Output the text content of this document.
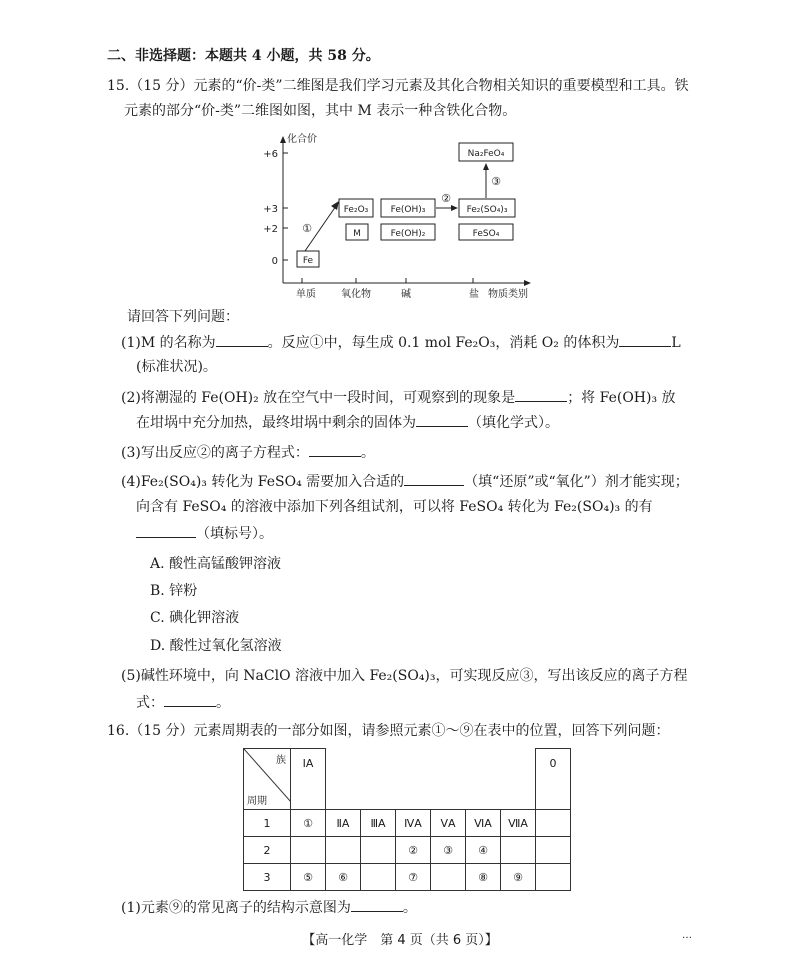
二、非选择题：本题共 4 小题，共 58 分。
15.（15 分）元素的“价-类”二维图是我们学习元素及其化合物相关知识的重要模型和工具。铁
元素的部分“价-类”二维图如图，其中 M 表示一种含铁化合物。
化合价
+6
+3
+2
0
单质	氧化物	碱	盐 物质类别
Na₂FeO₄
Fe₂O₃ Fe(OH)₃	Fe₂(SO₄)₃
M	Fe(OH)₂	FeSO₄
Fe
①
②
③
请回答下列问题：
(1)M 的名称为	。反应①中，每生成 0.1 mol Fe₂O₃，消耗 O₂ 的体积为	L
(标准状况)。
(2)将潮湿的 Fe(OH)₂ 放在空气中一段时间，可观察到的现象是	；将 Fe(OH)₃ 放
在坩埚中充分加热，最终坩埚中剩余的固体为	（填化学式）。
(3)写出反应②的离子方程式：	。
(4)Fe₂(SO₄)₃ 转化为 FeSO₄ 需要加入合适的	（填“还原”或“氧化”）剂才能实现；
向含有 FeSO₄ 的溶液中添加下列各组试剂，可以将 FeSO₄ 转化为 Fe₂(SO₄)₃ 的有
（填标号）。
A. 酸性高锰酸钾溶液
B. 锌粉
C. 碘化钾溶液
D. 酸性过氧化氢溶液
(5)碱性环境中，向 NaClO 溶液中加入 Fe₂(SO₄)₃，可实现反应③，写出该反应的离子方程
式：	。
16.（15 分）元素周期表的一部分如图，请参照元素①～⑨在表中的位置，回答下列问题：
族
周期	ⅠA							0
1	①	ⅡA	ⅢA	ⅣA	ⅤA	ⅥA	ⅦA	
2				②	③	④		
3	⑤	⑥		⑦		⑧	⑨	
(1)元素⑨的常见离子的结构示意图为	。
【高一化学　第 4 页（共 6 页）】	…
